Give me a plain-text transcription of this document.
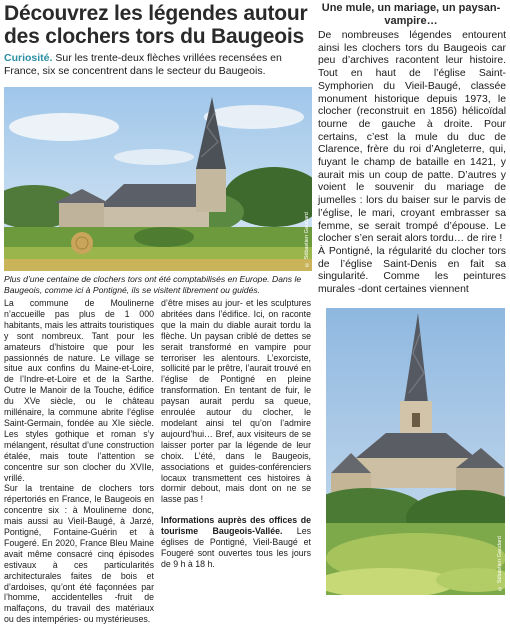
Découvrez les légendes autour des clochers tors du Baugeois
Curiosité. Sur les trente-deux flèches vrillées recensées en France, six se concentrent dans le secteur du Baugeois.
© Sébastien Gaudard
Plus d’une centaine de clochers tors ont été comptabilisés en Europe. Dans le Baugeois, comme ici à Pontigné, ils se visitent librement ou guidés.

La commune de Moulinerne n’accueille pas plus de 1 000 habitants, mais les attraits touristiques y sont nombreux. Tant pour les amateurs d’histoire que pour les passionnés de nature. Le village se situe aux confins du Maine-et-Loire, de l’Indre-et-Loire et de la Sarthe. Outre le Manoir de la Touche, édifice du XVe siècle, ou le château millénaire, la commune abrite l’église Saint-Germain, fondée au XIe siècle. Les styles gothique et roman s’y mélangent, résultat d’une construction étalée, mais toute l’attention se concentre sur son clocher du XVIIe, vrillé.

Sur la trentaine de clochers tors répertoriés en France, le Baugeois en concentre six : à Moulinerne donc, mais aussi au Vieil-Baugé, à Jarzé, Pontigné, Fontaine-Guérin et à Fougeré. En 2020, France Bleu Maine avait même consacré cinq épisodes estivaux à ces particularités architecturales faites de bois et d’ardoises, qu’ont été façonnées par l’homme, accidentelles -fruit de malfaçons, du travail des matériaux ou des intempéries- ou mystérieuses.

d’être mises au jour- et les sculptures abritées dans l’édifice. Ici, on raconte que la main du diable aurait tordu la flèche. Un paysan criblé de dettes se serait transformé en vampire pour terroriser les alentours. L’exorciste, sollicité par le prêtre, l’aurait trouvé en l’église de Pontigné en pleine transformation. En tentant de fuir, le paysan aurait perdu sa queue, enroulée autour du clocher, le modelant ainsi tel qu’on l’admire aujourd’hui… Bref, aux visiteurs de se laisser porter par la légende de leur choix. L’été, dans le Baugeois, associations et guides-conférenciers locaux transmettent ces histoires à dormir debout, mais dont on ne se lasse pas !

Informations auprès des offices de tourisme Baugeois-Vallée. Les églises de Pontigné, Vieil-Baugé et Fougeré sont ouvertes tous les jours de 9 h à 18 h.

Une mule, un mariage, un paysan-vampire…

De nombreuses légendes entourent ainsi les clochers tors du Baugeois car peu d’archives racontent leur histoire. Tout en haut de l’église Saint-Symphorien du Vieil-Baugé, classée monument historique depuis 1973, le clocher (reconstruit en 1856) hélicoïdal tourne de gauche à droite. Pour certains, c’est la mule du duc de Clarence, frère du roi d’Angleterre, qui, fuyant le champ de bataille en 1421, y aurait mis un coup de patte. D’autres y voient le souvenir du mariage de jumelles : lors du baiser sur le parvis de l’église, le mari, croyant embrasser sa femme, se serait trompé d’épouse. Le clocher s’en serait alors tordu… de rire !

À Pontigné, la régularité du clocher tors de l’église Saint-Denis en fait sa singularité. Comme les peintures murales -dont certaines viennent

© Sébastien Gaudard
